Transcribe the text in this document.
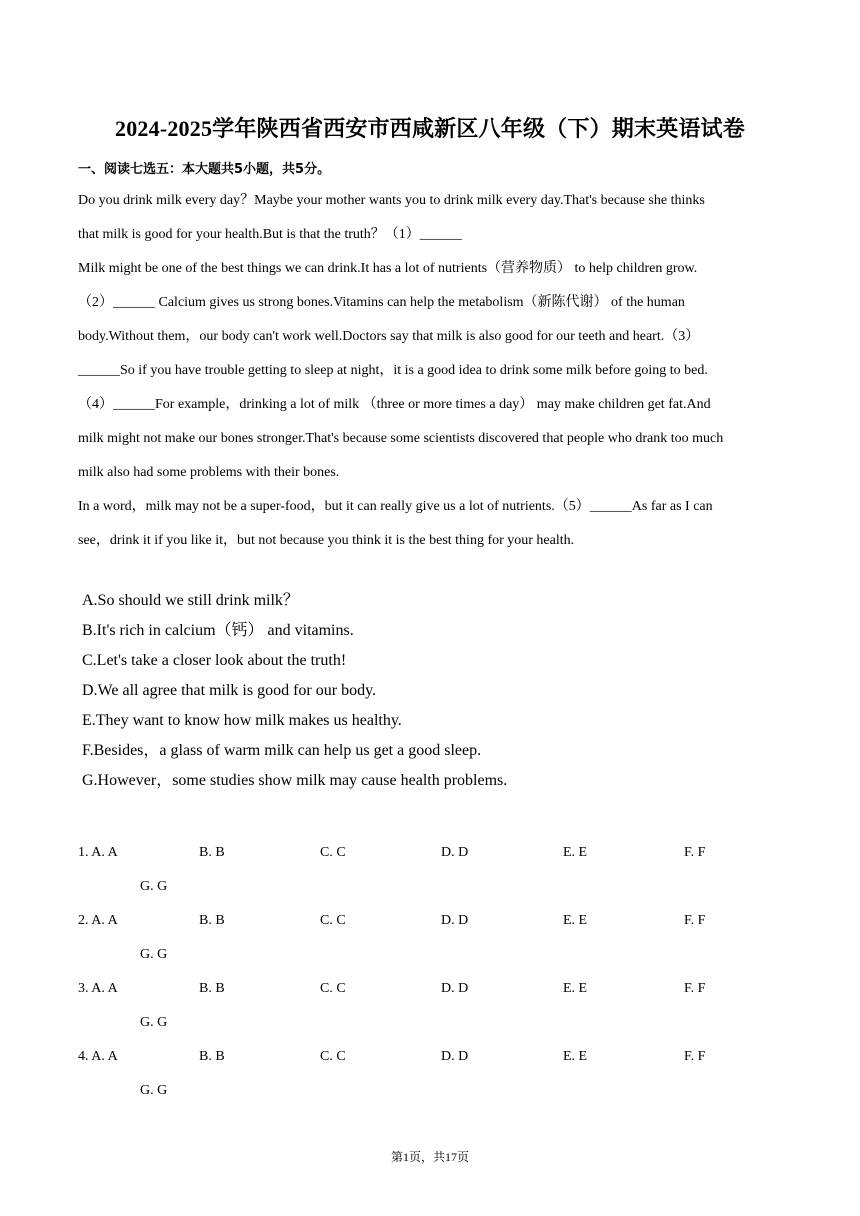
2024-2025学年陕西省西安市西咸新区八年级（下）期末英语试卷
一、阅读七选五：本大题共5小题，共5分。
Do you drink milk every day？Maybe your mother wants you to drink milk every day.That's because she thinks
that milk is good for your health.But is that the truth？（1）______
Milk might be one of the best things we can drink.It has a lot of nutrients（营养物质） to help children grow.
（2）______ Calcium gives us strong bones.Vitamins can help the metabolism（新陈代谢） of the human
body.Without them，our body can't work well.Doctors say that milk is also good for our teeth and heart.（3）
______So if you have trouble getting to sleep at night，it is a good idea to drink some milk before going to bed.
（4）______For example，drinking a lot of milk （three or more times a day） may make children get fat.And
milk might not make our bones stronger.That's because some scientists discovered that people who drank too much
milk also had some problems with their bones.
In a word，milk may not be a super-food，but it can really give us a lot of nutrients.（5）______As far as I can
see，drink it if you like it，but not because you think it is the best thing for your health.
A.So should we still drink milk？
B.It's rich in calcium（钙） and vitamins.
C.Let's take a closer look about the truth!
D.We all agree that milk is good for our body.
E.They want to know how milk makes us healthy.
F.Besides，a glass of warm milk can help us get a good sleep.
G.However，some studies show milk may cause health problems.
1. A. A	B. B	C. C	D. D	E. E	F. F
G. G
2. A. A	B. B	C. C	D. D	E. E	F. F
G. G
3. A. A	B. B	C. C	D. D	E. E	F. F
G. G
4. A. A	B. B	C. C	D. D	E. E	F. F
G. G
第1页，共17页
